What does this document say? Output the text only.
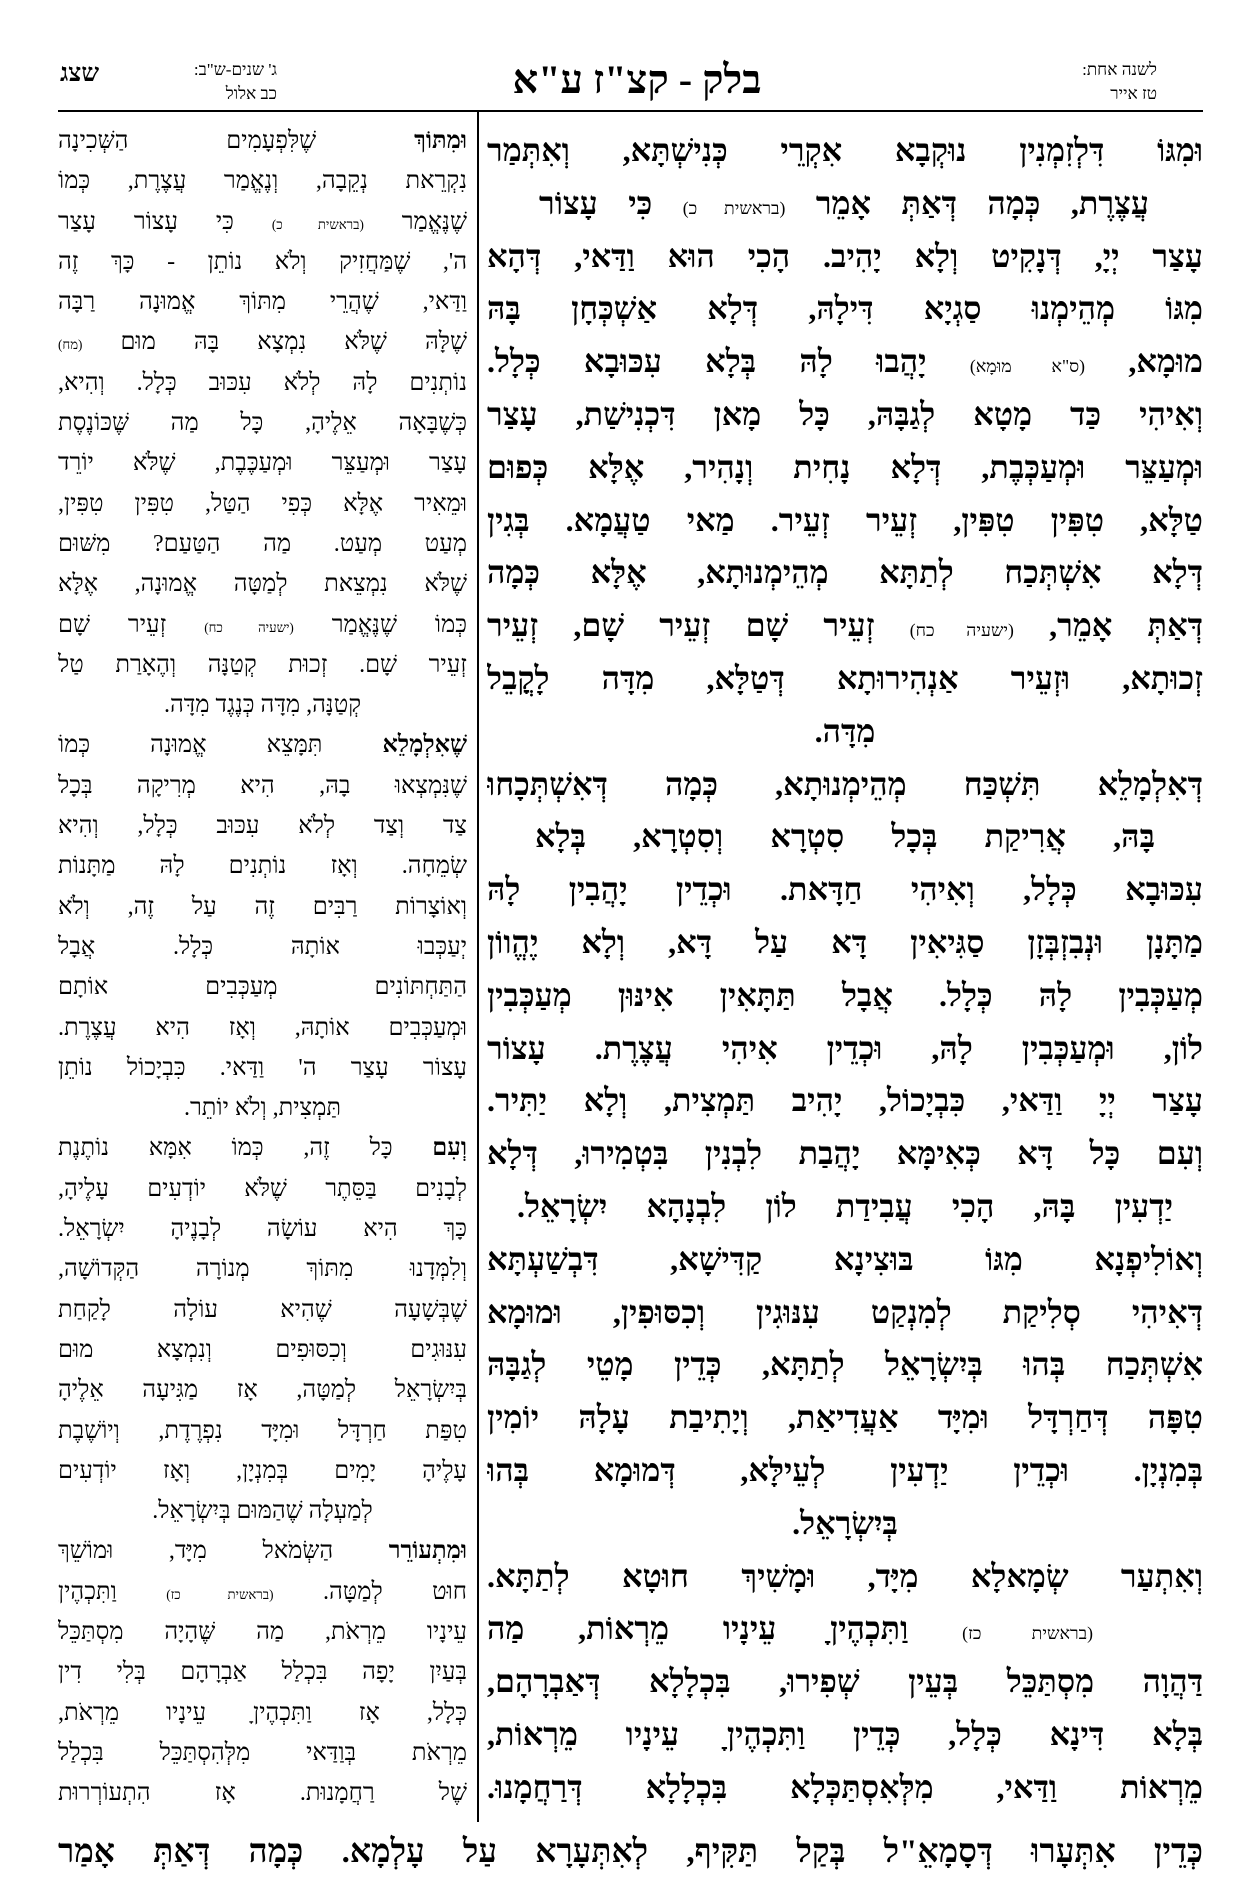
שצג	ג' שנים-ש"ב:
כב אלול	בלק - קצ"ז ע"א	לשנה אחת:
טז אייר
וּמִגּוֹ דִּלְזִמְנִין נוּקְבָא אִקְרֵי כְּנִישְׁתָּא, וְאִתְּמַר
עֲצֶרֶת, כְּמָה דְּאַתְּ אָמֵר (בראשית כ) כִּי עָצוֹר
עָצַר יְיָ, דְּנָקִיט וְלָא יָהִיב. הָכִי הוּא וַדַּאי, דְּהָא
מִגּוֹ מְהֵימְנוּ סַגְיָא דִּילָהּ, דְּלָא אַשְׁכְּחָן בָּהּ
מוּמָא, (ס"א מוּמָא) יָהֲבוּ לָהּ בְּלָא עִכּוּבָא כְּלָל.
וְאִיהִי כַּד מָטָא לְגַבָּהּ, כָּל מָאן דִּכְנִישַׁת, עָצַר
וּמְעַצֵּר וּמְעַכְּבֶת, דְּלָא נָחִית וְנָהִיר, אֶלָּא כְּפוּם
טַלָּא, טִפִּין טִפִּין, זְעֵיר זְעֵיר. מַאי טַעֲמָא. בְּגִין
דְּלָא אִשְׁתְּכַח לְתַתָּא מְהֵימְנוּתָא, אֶלָּא כְּמָה
דְּאַתְּ אָמֵר, (ישעיה כח) זְעֵיר שָׁם זְעֵיר שָׁם, זְעֵיר
זְכוּתָא, וּזְעֵיר אַנְהִירוּתָא דְּטַלָּא, מִדָּה לָקֳבֵל
מִדָּה.
דְּאִלְמָלֵא תִּשְׁכַּח מְהֵימְנוּתָא, כְּמָה דְּאִשְׁתְּכָחוּ
בָּהּ, אֲרִיקַת בְּכָל סִטְרָא וְסִטְרָא, בְּלָא
עִכּוּבָא כְּלָל, וְאִיהִי חַדָּאת. וּכְדֵין יָהֲבִין לָהּ
מַתָּנָן וּנְבִזְבְּזָן סַגִּיאִין דָּא עַל דָּא, וְלָא יֶהֱווֹן
מְעַכְּבִין לָהּ כְּלָל. אֲבָל תַּתָּאִין אִינּוּן מְעַכְּבִין
לוֹן, וּמְעַכְּבִין לָהּ, וּכְדֵין אִיהִי עֲצֶרֶת. עָצוֹר
עָצַר יְיָ וַדַּאי, כִּבְיָכוֹל, יָהִיב תַּמְצִית, וְלָא יַתִּיר.
וְעִם כָּל דָּא כְּאִימָּא יָהֲבַת לִבְנִין בִּטְמִירוּ, דְּלָא
יַדְעִין בָּהּ, הָכִי עֲבִידַת לוֹן לִבְנָהָא יִשְׂרָאֵל.
וְאוֹלִיפְנָא מִגּוֹ בּוּצִינָא קַדִּישָׁא, דִּבְשַׁעְתָּא
דְּאִיהִי סְלִיקַת לְמִנְקַט עִנּוּגִין וְכִסּוּפִין, וּמוּמָא
אִשְׁתְּכַח בְּהוּ בְּיִשְׂרָאֵל לְתַתָּא, כְּדֵין מָטֵי לְגַבָּהּ
טִפָּה דְּחַרְדָּל וּמִיָּד אַעֲדִיאַת, וְיָתִיבַת עָלָהּ יוֹמִין
בְּמִנְיָן. וּכְדֵין יַדְעִין לְעֵילָּא, דְּמוּמָא בְּהוּ
בְּיִשְׂרָאֵל.
וְאִתְעַר שְׂמָאלָא מִיָּד, וּמָשִׁיךְ חוּטָא לְתַתָּא.
(בראשית כז) וַתִּכְהֶיןָ עֵינָיו מֵרְאוֹת, מַה
דַּהֲוָה מִסְתַּכֵּל בְּעֵין שְׁפִירוּ, בִּכְלָלָא דְּאַבְרָהָם,
בְּלָא דִּינָא כְּלָל, כְּדֵין וַתִּכְהֶיןָ עֵינָיו מֵרְאוֹת,
מֵרְאוֹת וַדַּאי, מִלְּאִסְתַּכְּלָא בִּכְלָלָא דְּרַחֲמָנוּ.
וּמִתּוֹךְ שֶׁלִּפְעָמִים הַשְּׁכִינָה
נִקְרֵאת נְקֵבָה, וְנֶאֱמַר עֲצֶרֶת, כְּמוֹ
שֶׁנֶּאֱמַר (בראשית כ) כִּי עָצוֹר עָצַר
ה', שֶׁמַּחֲזִיק וְלֹא נוֹתֵן - כָּךְ זֶה
וַדַּאי, שֶׁהֲרֵי מִתּוֹךְ אֱמוּנָה רַבָּה
שֶׁלָּהּ שֶׁלֹּא נִמְצָא בָּהּ מוּם (מח)
נוֹתְנִים לָהּ לְלֹא עִכּוּב כְּלָל. וְהִיא,
כְּשֶׁבָּאָה אֵלֶיהָ, כָּל מַה שֶּׁכּוֹנֶסֶת
עָצַר וּמְעַצֵּר וּמְעַכֶּבֶת, שֶׁלֹּא יוֹרֵד
וּמֵאִיר אֶלָּא כְּפִי הַטַּל, טִפִּין טִפִּין,
מְעַט מְעַט. מַה הַטַּעַם? מִשּׁוּם
שֶׁלֹּא נִמְצֵאת לְמַטָּה אֱמוּנָה, אֶלָּא
כְּמוֹ שֶׁנֶּאֱמַר (ישעיה כח) זְעֵיר שָׁם
זְעֵיר שָׁם. זְכוּת קְטַנָּה וְהֶאָרַת טַל
קְטַנָּה, מִדָּה כְּנֶגֶד מִדָּה.
שֶׁאִלְמָלֵא תִּמָּצֵא אֱמוּנָה כְּמוֹ
שֶׁנִּמְצְאוּ בָהּ, הִיא מְרִיקָה בְּכָל
צַד וְצַד לְלֹא עִכּוּב כְּלָל, וְהִיא
שְׂמֵחָה. וְאָז נוֹתְנִים לָהּ מַתָּנוֹת
וְאוֹצָרוֹת רַבִּים זֶה עַל זֶה, וְלֹא
יְעַכְּבוּ אוֹתָהּ כְּלָל. אֲבָל
הַתַּחְתּוֹנִים מְעַכְּבִים אוֹתָם
וּמְעַכְּבִים אוֹתָהּ, וְאָז הִיא עֲצֶרֶת.
עָצוֹר עָצַר ה' וַדַּאי. כִּבְיָכוֹל נוֹתֵן
תַּמְצִית, וְלֹא יוֹתֵר.
וְעִם כָּל זֶה, כְּמוֹ אִמָּא נוֹתֶנֶת
לְבָנִים בַּסֵּתֶר שֶׁלֹּא יוֹדְעִים עָלֶיהָ,
כָּךְ הִיא עוֹשָׂה לְבָנֶיהָ יִשְׂרָאֵל.
וְלִמְּדָנוּ מִתּוֹךְ מְנוֹרָה הַקְּדוֹשָׁה,
שֶׁבְּשָׁעָה שֶׁהִיא עוֹלָה לָקַחַת
עִנּוּגִים וְכִסּוּפִים וְנִמְצָא מוּם
בְּיִשְׂרָאֵל לְמַטָּה, אָז מַגִּיעָה אֵלֶיהָ
טִפַּת חַרְדָּל וּמִיָּד נִפְרֶדֶת, וְיוֹשֶׁבֶת
עָלֶיהָ יָמִים בְּמִנְיָן, וְאָז יוֹדְעִים
לְמַעְלָה שֶׁהַמּוּם בְּיִשְׂרָאֵל.
וּמִתְעוֹרֵר הַשְּׂמֹאל מִיָּד, וּמוֹשֵׁךְ
חוּט לְמַטָּה. (בראשית כז) וַתִּכְהֶיןָ
עֵינָיו מֵרְאֹת, מַה שֶּׁהָיָה מִסְתַּכֵּל
בְּעַיִן יָפָה בִּכְלַל אַבְרָהָם בְּלִי דִין
כְּלָל, אָז וַתִּכְהֶיןָ עֵינָיו מֵרְאֹת,
מֵרְאֹת בְּוַדַּאי מִלְּהִסְתַּכֵּל בִּכְלַל
שֶׁל רַחֲמָנוּת. אָז הִתְעוֹרְרוּת
כְּדֵין אִתְּעָרוּ דְּסָמָאֵ"ל בְּקַל תַּקִּיף, לְאִתְּעָרָא עַל עָלְמָא. כְּמָה דְּאַתְּ אָמַר
